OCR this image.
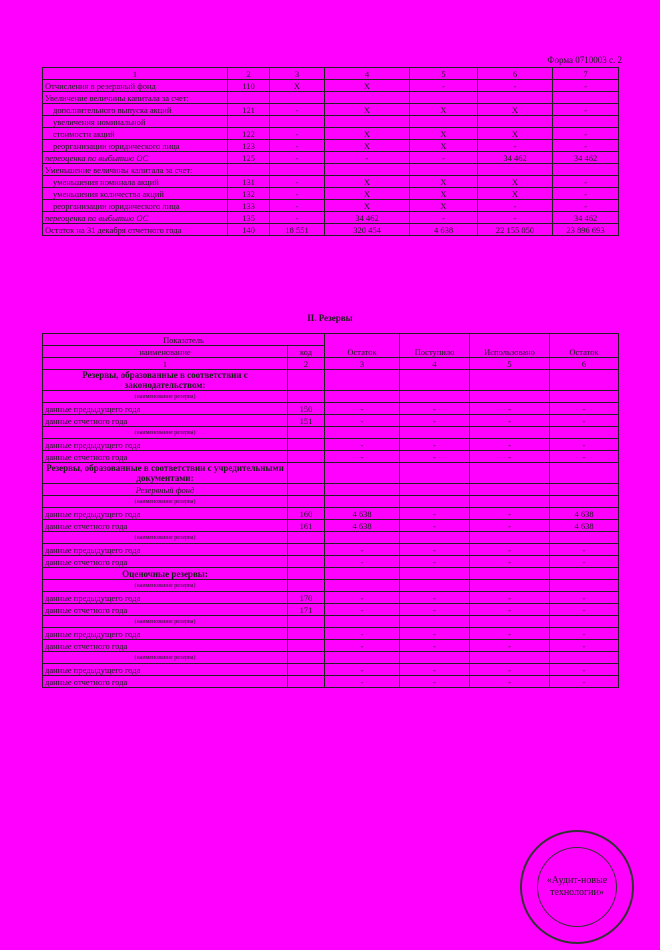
Форма 0710003 с. 2
1	2	3	4	5	6	7
Отчисления в резервный фонд	110	X	X	-	-	-
Увеличение величины капитала за счет:						
дополнительного выпуска акций	121	-	X	X	X	-
увеличения номинальной						
стоимости акций	122	-	X	X	X	-
реорганизации юридического лица	123	-	X	X	-	-
переоценка по выбытию ОС	125	-	-	-	34 462	34 462
Уменьшение величины капитала за счет:						
уменьшения номинала акций	131	-	X	X	X	-
уменьшения количества акций	132	-	X	X	X	-
реорганизации юридического лица	133	-	X	X	-	-
переоценка по выбытию ОС	135	-	34 462	-	-	34 462
Остаток на 31 декабря отчетного года	140	18 551	320 454	4 638	22 155 050	23 896 693
II. Резервы
Показатель		Остаток	Поступило	Использовано	Остаток
наименование	код				
1	2	3	4	5	6
Резервы, образованные в соответствии с законодательством:					
(наименование резерва)					
данные предыдущего года	150	-	-	-	-
данные отчетного года	151	-	-	-	-
(наименование резерва)					
данные предыдущего года		-	-	-	-
данные отчетного года		-	-	-	-
Резервы, образованные в соответствии с учредительными документами:					
Резервный фонд					
(наименование резерва)					
данные предыдущего года	160	4 638	-	-	4 638
данные отчетного года	161	4 638	-	-	4 638
(наименование резерва)					
данные предыдущего года		-	-	-	-
данные отчетного года		-	-	-	-
Оценочные резервы:					
(наименование резерва)					
данные предыдущего года	170	-	-	-	-
данные отчетного года	171	-	-	-	-
(наименование резерва)					
данные предыдущего года		-	-	-	-
данные отчетного года		-	-	-	-
(наименование резерва)					
данные предыдущего года		-	-	-	-
данные отчетного года		-	-	-	-
«Аудит-новые технологии»
